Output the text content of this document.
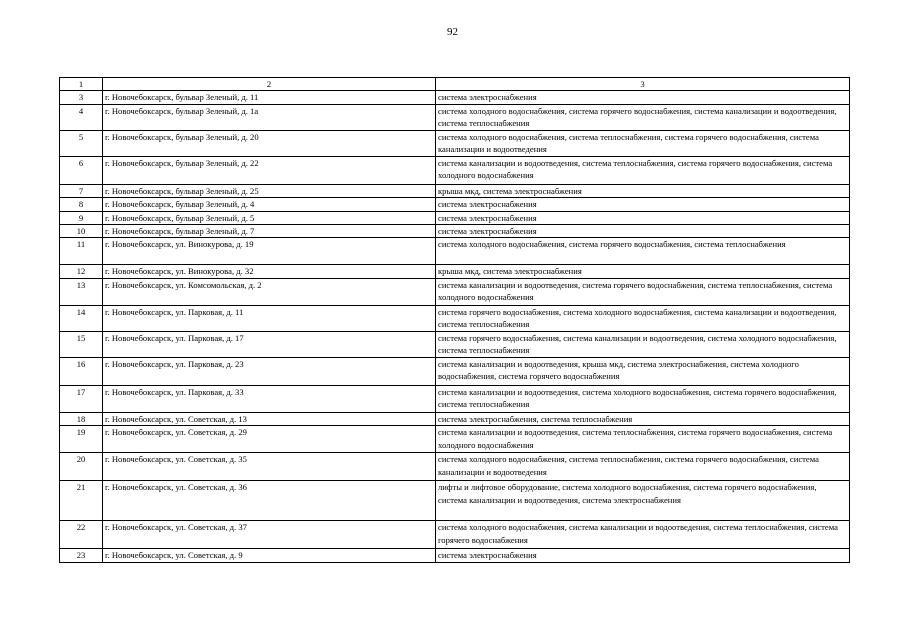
92
1	2	3
3	г. Новочебоксарск, бульвар Зеленый, д. 11	система электроснабжения
4	г. Новочебоксарск, бульвар Зеленый, д. 1а	система холодного водоснабжения, система горячего водоснабжения, система канализации и водоотведения, система теплоснабжения
5	г. Новочебоксарск, бульвар Зеленый, д. 20	система холодного водоснабжения, система теплоснабжения, система горячего водоснабжения, система канализации и водоотведения
6	г. Новочебоксарск, бульвар Зеленый, д. 22	система канализации и водоотведения, система теплоснабжения, система горячего водоснабжения, система холодного водоснабжения
7	г. Новочебоксарск, бульвар Зеленый, д. 25	крыша мкд, система электроснабжения
8	г. Новочебоксарск, бульвар Зеленый, д. 4	система электроснабжения
9	г. Новочебоксарск, бульвар Зеленый, д. 5	система электроснабжения
10	г. Новочебоксарск, бульвар Зеленый, д. 7	система электроснабжения
11	г. Новочебоксарск, ул. Винокурова, д. 19	система холодного водоснабжения, система горячего водоснабжения, система теплоснабжения
12	г. Новочебоксарск, ул. Винокурова, д. 32	крыша мкд, система электроснабжения
13	г. Новочебоксарск, ул. Комсомольская, д. 2	система канализации и водоотведения, система горячего водоснабжения, система теплоснабжения, система холодного водоснабжения
14	г. Новочебоксарск, ул. Парковая, д. 11	система горячего водоснабжения, система холодного водоснабжения, система канализации и водоотведения, система теплоснабжения
15	г. Новочебоксарск, ул. Парковая, д. 17	система горячего водоснабжения, система канализации и водоотведения, система холодного водоснабжения, система теплоснабжения
16	г. Новочебоксарск, ул. Парковая, д. 23	система канализации и водоотведения, крыша мкд, система электроснабжения, система холодного водоснабжения, система горячего водоснабжения
17	г. Новочебоксарск, ул. Парковая, д. 33	система канализации и водоотведения, система холодного водоснабжения, система горячего водоснабжения, система теплоснабжения
18	г. Новочебоксарск, ул. Советская, д. 13	система электроснабжения, система теплоснабжения
19	г. Новочебоксарск, ул. Советская, д. 29	система канализации и водоотведения, система теплоснабжения, система горячего водоснабжения, система холодного водоснабжения
20	г. Новочебоксарск, ул. Советская, д. 35	система холодного водоснабжения, система теплоснабжения, система горячего водоснабжения, система канализации и водоотведения
21	г. Новочебоксарск, ул. Советская, д. 36	лифты и лифтовое оборудование, система холодного водоснабжения, система горячего водоснабжения, система канализации и водоотведения, система электроснабжения
22	г. Новочебоксарск, ул. Советская, д. 37	система холодного водоснабжения, система канализации и водоотведения, система теплоснабжения, система горячего водоснабжения
23	г. Новочебоксарск, ул. Советская, д. 9	система электроснабжения
